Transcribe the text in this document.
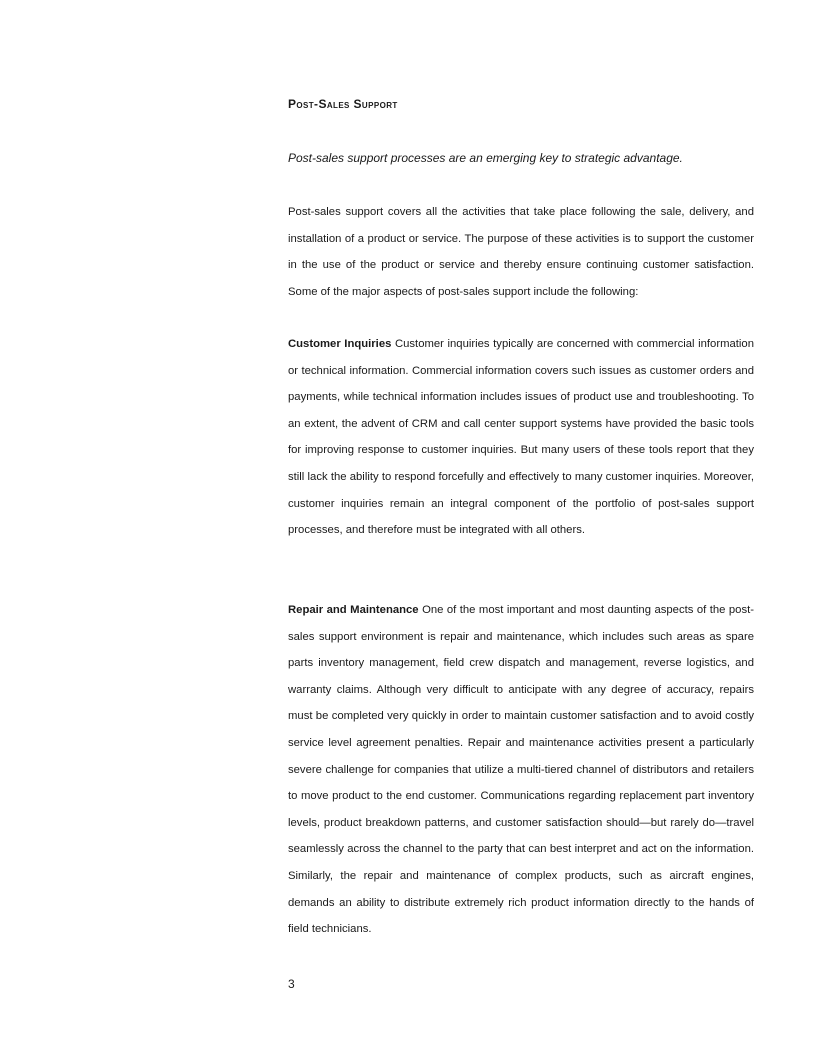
Post-Sales Support
Post-sales support processes are an emerging key to strategic advantage.

Post-sales support covers all the activities that take place following the sale, delivery, and installation of a product or service. The purpose of these activities is to support the customer in the use of the product or service and thereby ensure continuing customer satisfaction. Some of the major aspects of post-sales support include the following:

Customer Inquiries Customer inquiries typically are concerned with commercial information or technical information. Commercial information covers such issues as customer orders and payments, while technical information includes issues of product use and troubleshooting. To an extent, the advent of CRM and call center support systems have provided the basic tools for improving response to customer inquiries. But many users of these tools report that they still lack the ability to respond forcefully and effectively to many customer inquiries. Moreover, customer inquiries remain an integral component of the portfolio of post-sales support processes, and therefore must be integrated with all others.

Repair and Maintenance One of the most important and most daunting aspects of the post-sales support environment is repair and maintenance, which includes such areas as spare parts inventory management, field crew dispatch and management, reverse logistics, and warranty claims. Although very difficult to anticipate with any degree of accuracy, repairs must be completed very quickly in order to maintain customer satisfaction and to avoid costly service level agreement penalties. Repair and maintenance activities present a particularly severe challenge for companies that utilize a multi-tiered channel of distributors and retailers to move product to the end customer. Communications regarding replacement part inventory levels, product breakdown patterns, and customer satisfaction should—but rarely do—travel seamlessly across the channel to the party that can best interpret and act on the information. Similarly, the repair and maintenance of complex products, such as aircraft engines, demands an ability to distribute extremely rich product information directly to the hands of field technicians.

3
